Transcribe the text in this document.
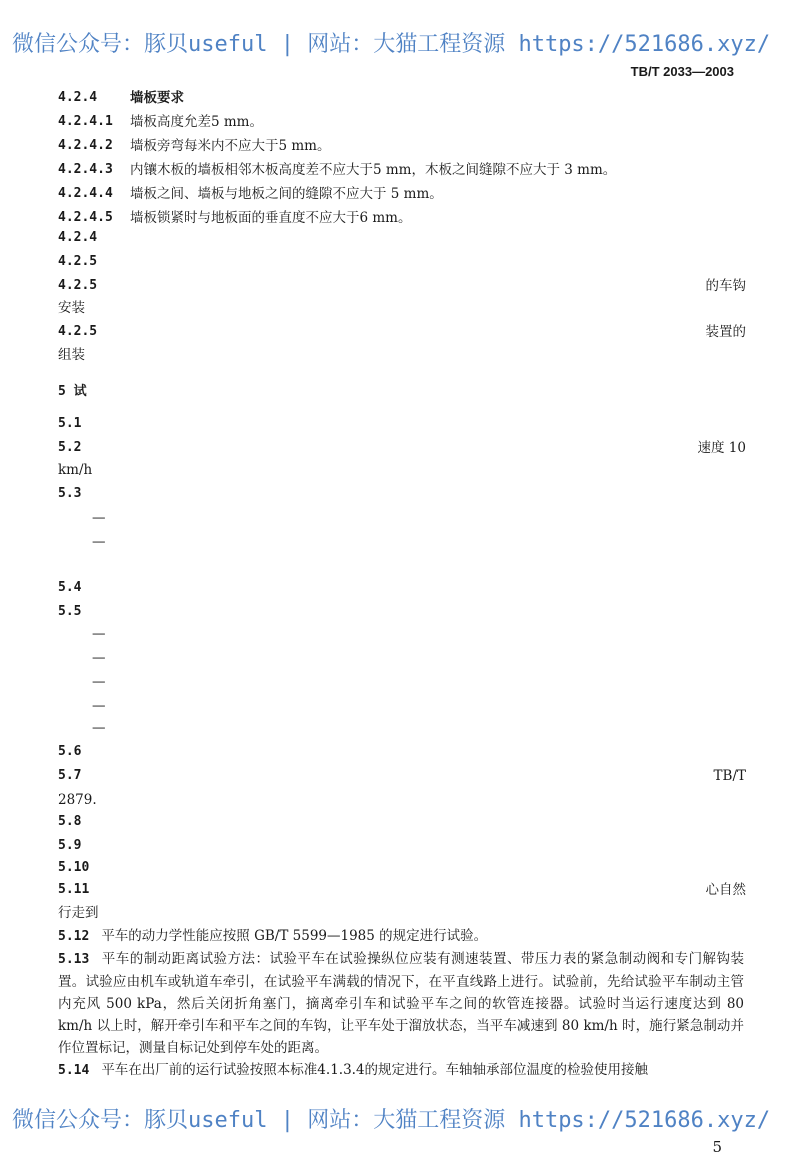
微信公众号：豚贝useful | 网站：大猫工程资源 https://521686.xyz/
TB/T 2033—2003
4.2.4 墙板要求
4.2.4.1 墙板高度允差5 mm。
4.2.4.2 墙板旁弯每米内不应大于5 mm。
4.2.4.3 内镶木板的墙板相邻木板高度差不应大于5 mm，木板之间缝隙不应大于 3 mm。
4.2.4.4 墙板之间、墙板与地板之间的缝隙不应大于 5 mm。
4.2.4.5 墙板锁紧时与地板面的垂直度不应大于6 mm。
4.2.4
4.2.5
4.2.5
安装
4.2.5
组装
5 试
5.1
5.2
km/h
5.3
—
—
5.4
5.5
—
—
—
—
—
5.6
5.7
2879.
5.8
5.9
5.10
5.11
行走到
的车钩
装置的
速度 10
TB/T
心自然
5.12 平车的动力学性能应按照 GB/T 5599—1985 的规定进行试验。
5.13 平车的制动距离试验方法：试验平车在试验操纵位应装有测速装置、带压力表的紧急制动阀和专门解钩装置。试验应由机车或轨道车牵引，在试验平车满载的情况下，在平直线路上进行。试验前，先给试验平车制动主管内充风 500 kPa，然后关闭折角塞门，摘离牵引车和试验平车之间的软管连接器。试验时当运行速度达到 80 km/h 以上时，解开牵引车和平车之间的车钩，让平车处于溜放状态，当平车减速到 80 km/h 时，施行紧急制动并作位置标记，测量自标记处到停车处的距离。
5.14 平车在出厂前的运行试验按照本标准4.1.3.4的规定进行。车轴轴承部位温度的检验使用接触
微信公众号：豚贝useful | 网站：大猫工程资源 https://521686.xyz/
5
